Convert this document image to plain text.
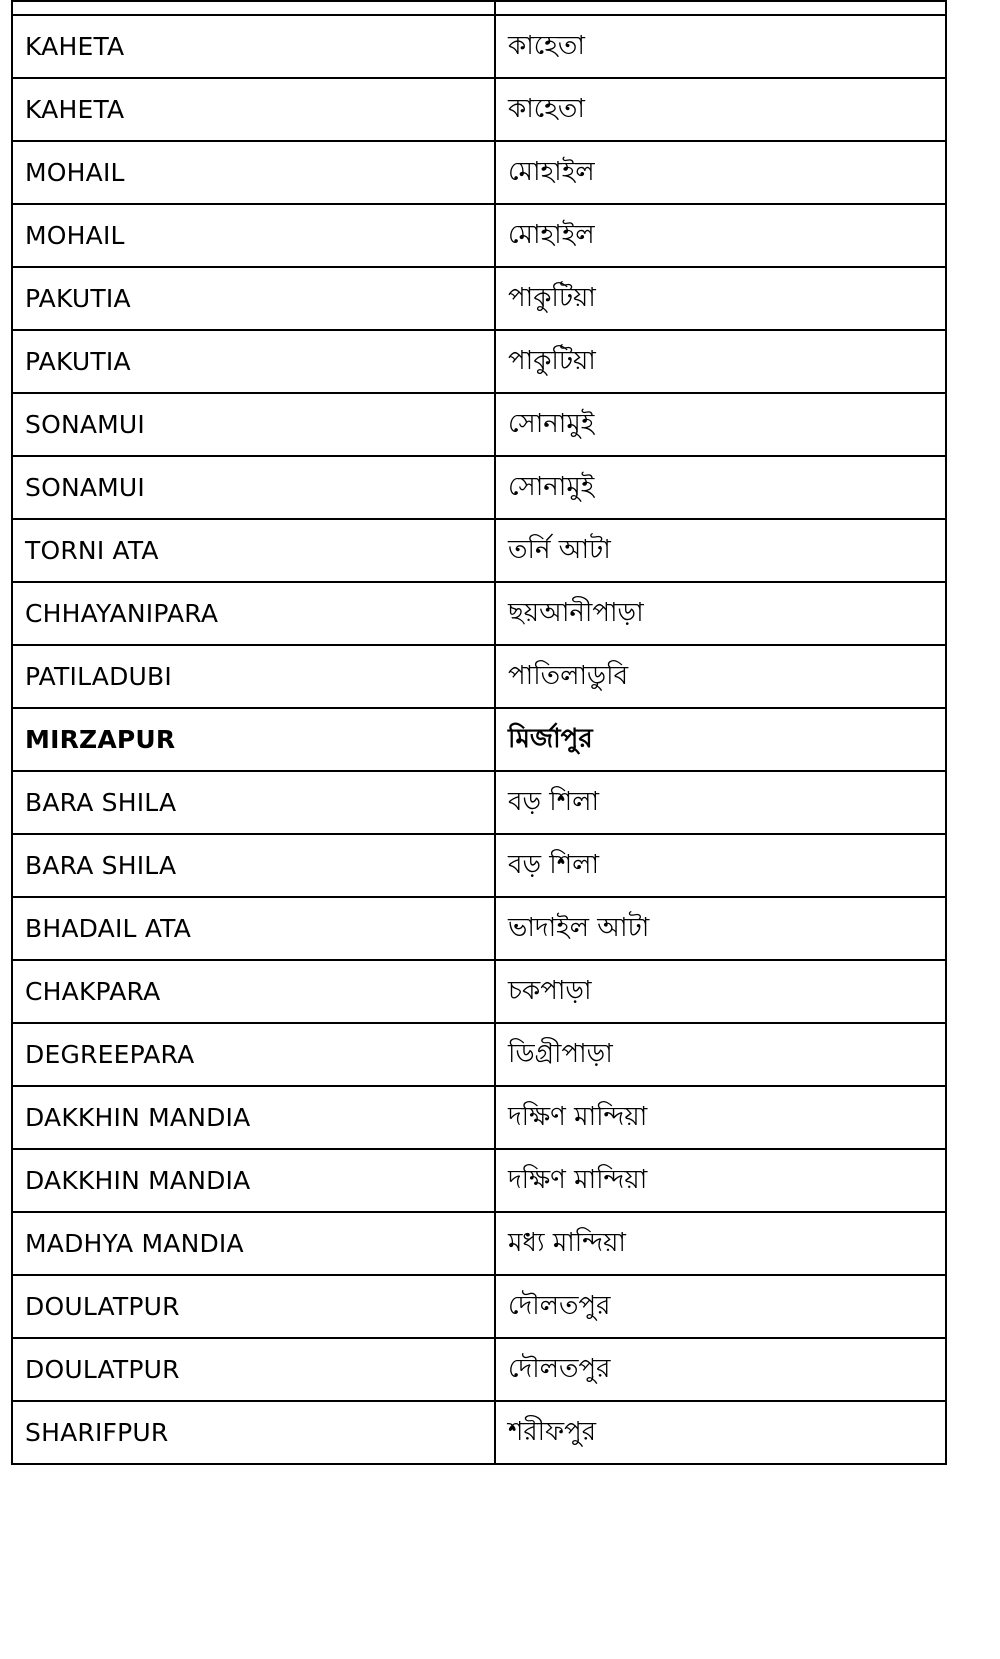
KAHETA	কাহেতা
KAHETA	কাহেতা
MOHAIL	মোহাইল
MOHAIL	মোহাইল
PAKUTIA	পাকুটিয়া
PAKUTIA	পাকুটিয়া
SONAMUI	সোনামুই
SONAMUI	সোনামুই
TORNI ATA	তর্নি আটা
CHHAYANIPARA	ছয়আনীপাড়া
PATILADUBI	পাতিলাডুবি
MIRZAPUR	মির্জাপুর
BARA SHILA	বড় শিলা
BARA SHILA	বড় শিলা
BHADAIL ATA	ভাদাইল আটা
CHAKPARA	চকপাড়া
DEGREEPARA	ডিগ্রীপাড়া
DAKKHIN MANDIA	দক্ষিণ মান্দিয়া
DAKKHIN MANDIA	দক্ষিণ মান্দিয়া
MADHYA MANDIA	মধ্য মান্দিয়া
DOULATPUR	দৌলতপুর
DOULATPUR	দৌলতপুর
SHARIFPUR	শরীফপুর
